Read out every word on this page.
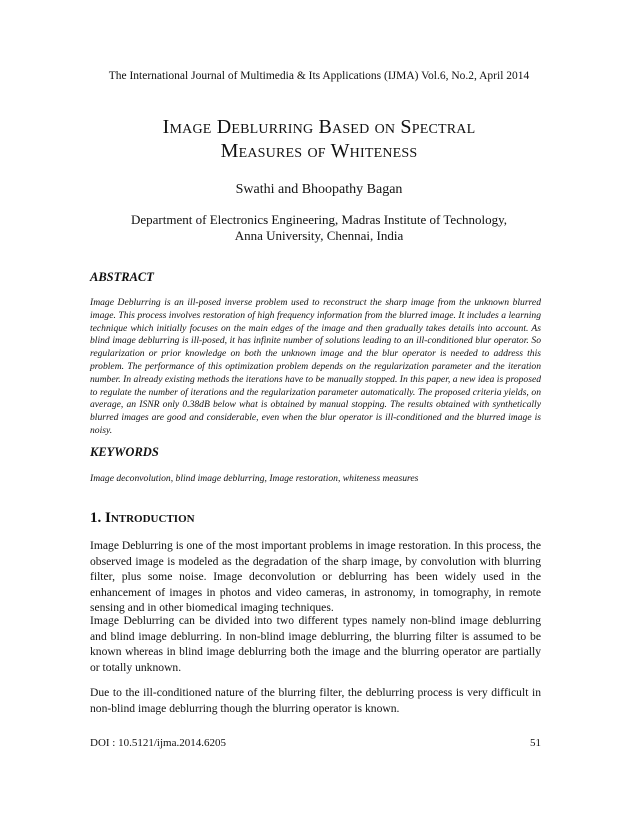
The International Journal of Multimedia & Its Applications (IJMA) Vol.6, No.2, April 2014
Image Deblurring Based on Spectral
Measures of Whiteness
Swathi and Bhoopathy Bagan
Department of Electronics Engineering, Madras Institute of Technology,
Anna University, Chennai, India
ABSTRACT
Image Deblurring is an ill-posed inverse problem used to reconstruct the sharp image from the unknown blurred image. This process involves restoration of high frequency information from the blurred image. It includes a learning technique which initially focuses on the main edges of the image and then gradually takes details into account. As blind image deblurring is ill-posed, it has infinite number of solutions leading to an ill-conditioned blur operator. So regularization or prior knowledge on both the unknown image and the blur operator is needed to address this problem. The performance of this optimization problem depends on the regularization parameter and the iteration number. In already existing methods the iterations have to be manually stopped. In this paper, a new idea is proposed to regulate the number of iterations and the regularization parameter automatically. The proposed criteria yields, on average, an ISNR only 0.38dB below what is obtained by manual stopping. The results obtained with synthetically blurred images are good and considerable, even when the blur operator is ill-conditioned and the blurred image is noisy.
KEYWORDS
Image deconvolution, blind image deblurring, Image restoration, whiteness measures
1. Introduction
Image Deblurring is one of the most important problems in image restoration. In this process, the observed image is modeled as the degradation of the sharp image, by convolution with blurring filter, plus some noise. Image deconvolution or deblurring has been widely used in the enhancement of images in photos and video cameras, in astronomy, in tomography, in remote sensing and in other biomedical imaging techniques.
Image Deblurring can be divided into two different types namely non-blind image deblurring and blind image deblurring. In non-blind image deblurring, the blurring filter is assumed to be known whereas in blind image deblurring both the image and the blurring operator are partially or totally unknown.
Due to the ill-conditioned nature of the blurring filter, the deblurring process is very difficult in non-blind image deblurring though the blurring operator is known.
DOI : 10.5121/ijma.2014.6205	51
